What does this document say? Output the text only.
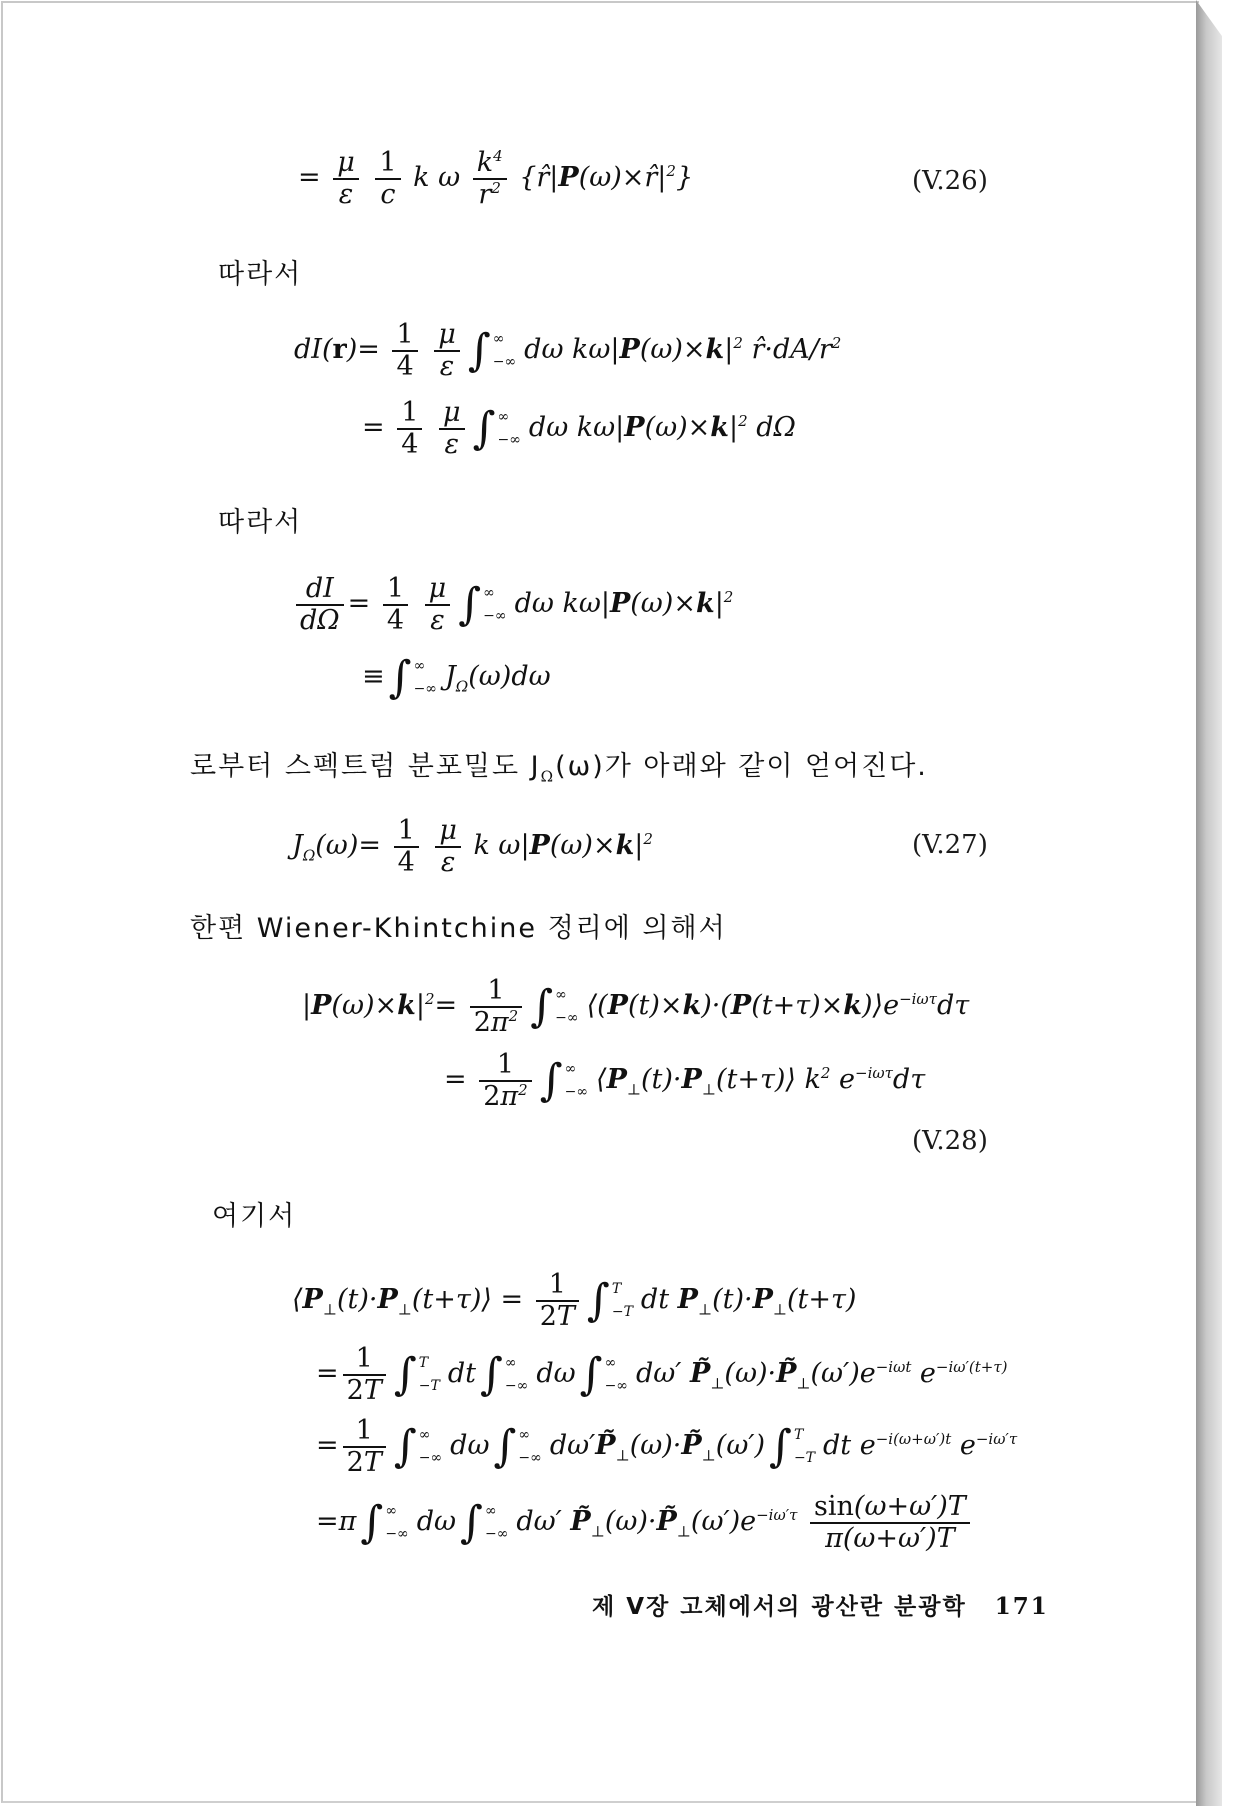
= $\frac{\mu}{\varepsilon}$
$\frac{1}{c}$ k ω $\frac{k^4}{r^2}$ $\{r̂|P(\omega)\times r̂|^2\}$	(V.26)
따라서
$dI(r)= \frac{1}{4}$
$\frac{\mu}{\varepsilon}$ ∫ ∞
−∞ dω $k\omega|P(\omega)\times k|^2$ $r̂\cdot dA/r^2$
= $\frac{1}{4}$
$\frac{\mu}{\varepsilon}$ ∫ ∞
−∞ dω $k\omega|P(\omega)\times k|^2$ dΩ
따라서
$\frac{dI}{d\Omega} = \frac{1}{4}$
$\frac{\mu}{\varepsilon}$ ∫ ∞
−∞ dω $k\omega|P(\omega)\times k|^2$
≡∫ ∞
−∞ $J_\Omega(\omega)d\omega$
로부터 스펙트럼 분포밀도 $J_\Omega(\omega)$가 아래와 같이 얻어진다.
$J_\Omega(\omega)= \frac{1}{4}$
$\frac{\mu}{\varepsilon}$ k $\omega|P(\omega)\times k|^2$	(V.27)
한편 Wiener-Khintchine 정리에 의해서
$|P(\omega)\times k|^2= \frac{1}{2\pi^2}$ ∫ ∞
−∞ $⟨(P(t)\times k)\cdot(P(t+\tau)\times k)⟩e^{-i\omega\tau}d\tau$
= $\frac{1}{2\pi^2}$ ∫ ∞
−∞ $⟨P_\perp(t)\cdot P_\perp(t+\tau)⟩$ $k^2$ $e^{-i\omega\tau}d\tau$
(V.28)
여기서
$⟨P_\perp(t)\cdot P_\perp(t+\tau)⟩ = \frac{1}{2T}$ ∫ T
−T dt $P_\perp(t)\cdot P_\perp(t+\tau)$
= $\frac{1}{2T}$ ∫ T
−T dt∫ ∞
−∞ dω∫ ∞
−∞ dω′ $P̃_\perp(\omega)\cdot P̃_\perp(\omega')e^{-i\omega t}$ $e^{-i\omega'(t+\tau)}$
= $\frac{1}{2T}$ ∫ ∞
−∞ dω∫ ∞
−∞ $d\omega'P̃_\perp(\omega)\cdot P̃_\perp(\omega')\int$ T
−T dt $e^{-i(\omega+\omega')t}$ $e^{-i\omega'\tau}$
=π∫ ∞
−∞ dω∫ ∞
−∞ dω′ $P̃_\perp(\omega)\cdot P̃_\perp(\omega')e^{-i\omega'\tau} \frac{\sin(\omega+\omega')T}{\pi(\omega+\omega')T}$
제 V장 고체에서의 광산란 분광학 171
